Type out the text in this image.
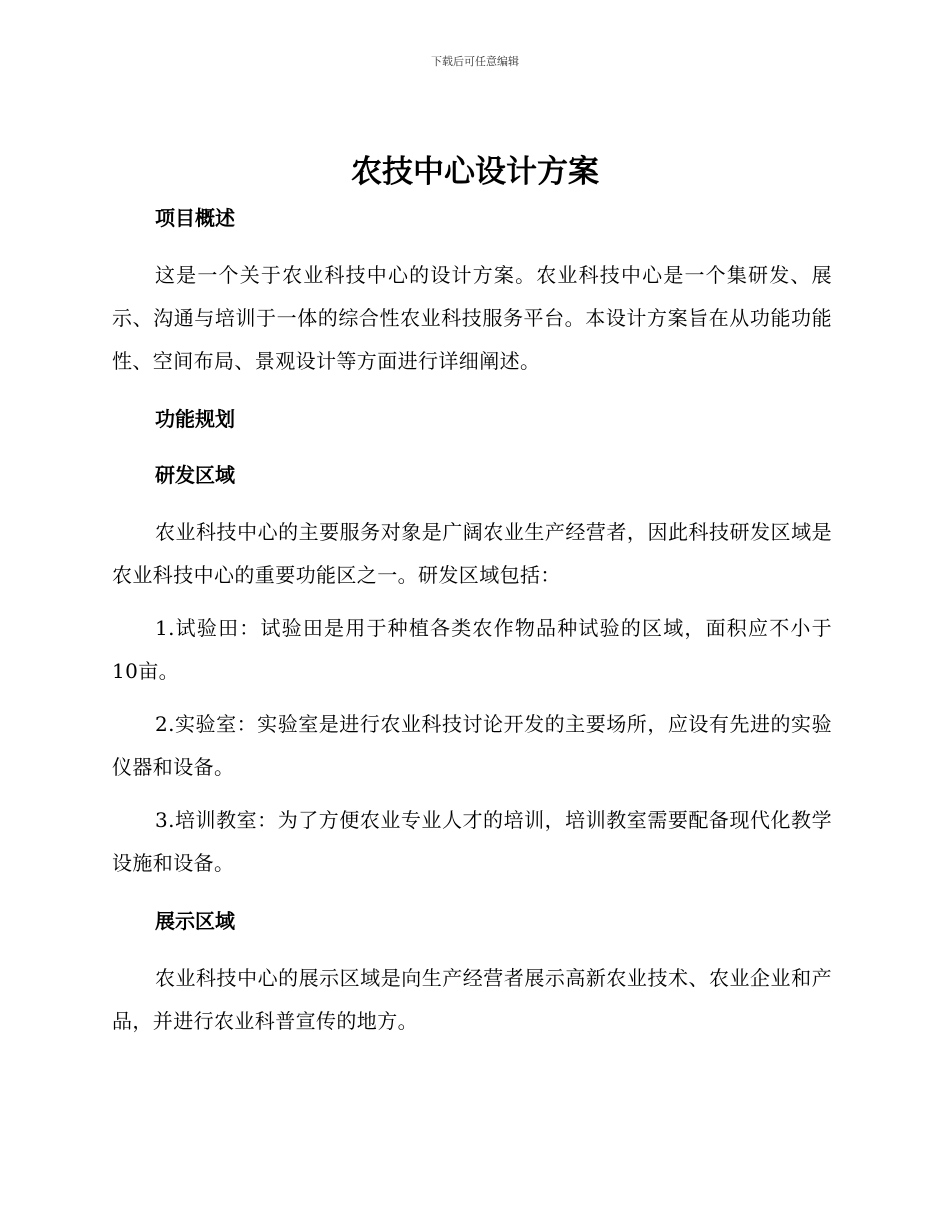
下载后可任意编辑
农技中心设计方案
项目概述

这是一个关于农业科技中心的设计方案。农业科技中心是一个集研发、展示、沟通与培训于一体的综合性农业科技服务平台。本设计方案旨在从功能功能性、空间布局、景观设计等方面进行详细阐述。

功能规划
研发区域

农业科技中心的主要服务对象是广阔农业生产经营者，因此科技研发区域是农业科技中心的重要功能区之一。研发区域包括：

1.试验田：试验田是用于种植各类农作物品种试验的区域，面积应不小于10亩。

2.实验室：实验室是进行农业科技讨论开发的主要场所，应设有先进的实验仪器和设备。

3.培训教室：为了方便农业专业人才的培训，培训教室需要配备现代化教学设施和设备。

展示区域

农业科技中心的展示区域是向生产经营者展示高新农业技术、农业企业和产品，并进行农业科普宣传的地方。
